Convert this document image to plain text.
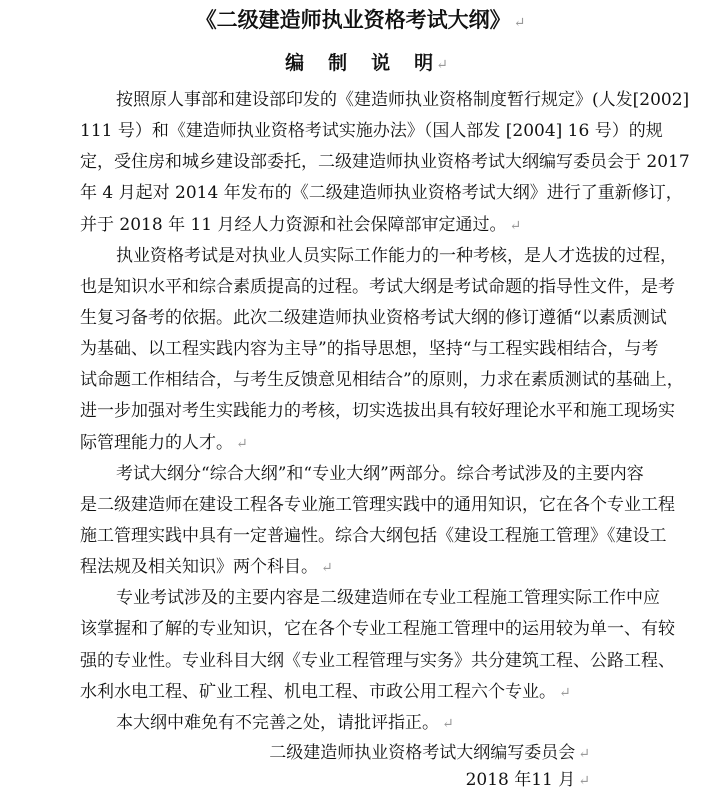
《二级建造师执业资格考试大纲》 ↵
编 制 说 明 ↵
按照原人事部和建设部印发的《建造师执业资格制度暂行规定》(人发[2002]
111 号）和《建造师执业资格考试实施办法》（国人部发 [2004] 16 号）的规
定，受住房和城乡建设部委托，二级建造师执业资格考试大纲编写委员会于 2017
年 4 月起对 2014 年发布的《二级建造师执业资格考试大纲》进行了重新修订，
并于 2018 年 11 月经人力资源和社会保障部审定通过。 ↵
执业资格考试是对执业人员实际工作能力的一种考核，是人才选拔的过程，
也是知识水平和综合素质提高的过程。考试大纲是考试命题的指导性文件，是考
生复习备考的依据。此次二级建造师执业资格考试大纲的修订遵循“以素质测试
为基础、以工程实践内容为主导”的指导思想，坚持“与工程实践相结合，与考
试命题工作相结合，与考生反馈意见相结合”的原则，力求在素质测试的基础上，
进一步加强对考生实践能力的考核，切实选拔出具有较好理论水平和施工现场实
际管理能力的人才。 ↵
考试大纲分“综合大纲”和“专业大纲”两部分。综合考试涉及的主要内容
是二级建造师在建设工程各专业施工管理实践中的通用知识，它在各个专业工程
施工管理实践中具有一定普遍性。综合大纲包括《建设工程施工管理》《建设工
程法规及相关知识》两个科目。 ↵
专业考试涉及的主要内容是二级建造师在专业工程施工管理实际工作中应
该掌握和了解的专业知识，它在各个专业工程施工管理中的运用较为单一、有较
强的专业性。专业科目大纲《专业工程管理与实务》共分建筑工程、公路工程、
水利水电工程、矿业工程、机电工程、市政公用工程六个专业。 ↵
本大纲中难免有不完善之处，请批评指正。 ↵
二级建造师执业资格考试大纲编写委员会 ↵
2018 年11 月 ↵
